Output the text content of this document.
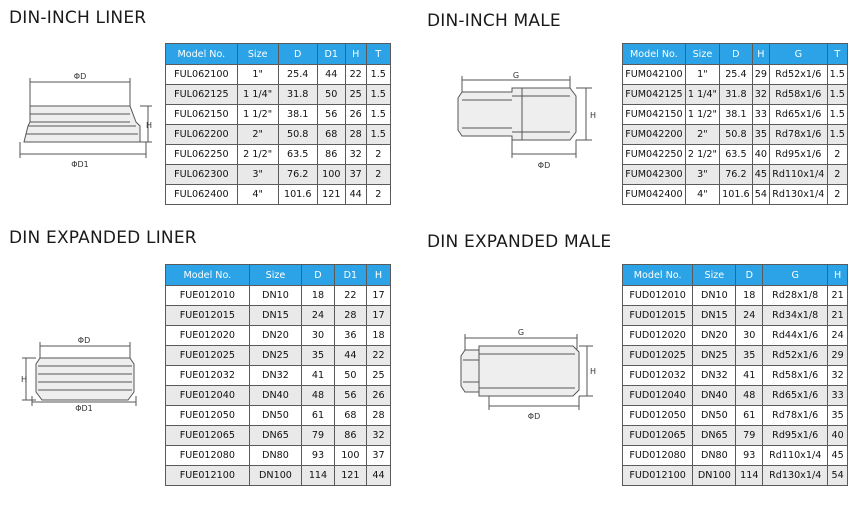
DIN-INCH LINER
ΦD
ΦD1
H
Model No.	Size	D	D1	H	T
FUL062100	1"	25.4	44	22	1.5
FUL062125	1 1/4"	31.8	50	25	1.5
FUL062150	1 1/2"	38.1	56	26	1.5
FUL062200	2"	50.8	68	28	1.5
FUL062250	2 1/2"	63.5	86	32	2
FUL062300	3"	76.2	100	37	2
FUL062400	4"	101.6	121	44	2
DIN-INCH MALE
G
ΦD
H
Model No.	Size	D	H	G	T
FUM042100	1"	25.4	29	Rd52x1/6	1.5
FUM042125	1 1/4"	31.8	32	Rd58x1/6	1.5
FUM042150	1 1/2"	38.1	33	Rd65x1/6	1.5
FUM042200	2"	50.8	35	Rd78x1/6	1.5
FUM042250	2 1/2"	63.5	40	Rd95x1/6	2
FUM042300	3"	76.2	45	Rd110x1/4	2
FUM042400	4"	101.6	54	Rd130x1/4	2
DIN EXPANDED LINER
ΦD
ΦD1
H
Model No.	Size	D	D1	H
FUE012010	DN10	18	22	17
FUE012015	DN15	24	28	17
FUE012020	DN20	30	36	18
FUE012025	DN25	35	44	22
FUE012032	DN32	41	50	25
FUE012040	DN40	48	56	26
FUE012050	DN50	61	68	28
FUE012065	DN65	79	86	32
FUE012080	DN80	93	100	37
FUE012100	DN100	114	121	44
DIN EXPANDED MALE
G
ΦD
H
Model No.	Size	D	G	H
FUD012010	DN10	18	Rd28x1/8	21
FUD012015	DN15	24	Rd34x1/8	21
FUD012020	DN20	30	Rd44x1/6	24
FUD012025	DN25	35	Rd52x1/6	29
FUD012032	DN32	41	Rd58x1/6	32
FUD012040	DN40	48	Rd65x1/6	33
FUD012050	DN50	61	Rd78x1/6	35
FUD012065	DN65	79	Rd95x1/6	40
FUD012080	DN80	93	Rd110x1/4	45
FUD012100	DN100	114	Rd130x1/4	54
